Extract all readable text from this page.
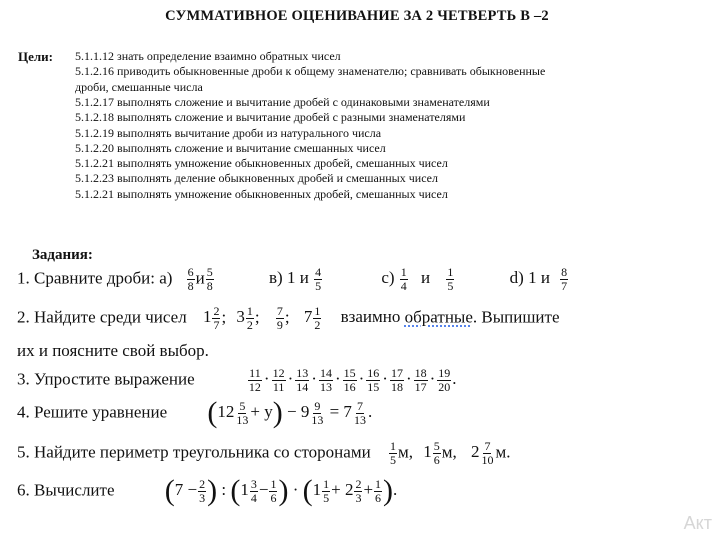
СУММАТИВНОЕ ОЦЕНИВАНИЕ ЗА 2 ЧЕТВЕРТЬ В –2
Цели: 5.1.1.12 знать определение взаимно обратных чисел
5.1.2.16 приводить обыкновенные дроби к общему знаменателю; сравнивать обыкновенные
дроби, смешанные числа
5.1.2.17 выполнять сложение и вычитание дробей с одинаковыми знаменателями
5.1.2.18 выполнять сложение и вычитание дробей с разными знаменателями
5.1.2.19 выполнять вычитание дроби из натурального числа
5.1.2.20 выполнять сложение и вычитание смешанных чисел
5.1.2.21 выполнять умножение обыкновенных дробей, смешанных чисел
5.1.2.23 выполнять деление обыкновенных дробей и смешанных чисел
5.1.2.21 выполнять умножение обыкновенных дробей, смешанных чисел
Задания:
1. Сравните дроби: $а) \frac{6}{8}$ и $\frac{5}{8}$	в) 1 и $\frac{4}{5}$	$с) \frac{1}{4}$ и $\frac{1}{5}$	d) 1 и $\frac{8}{7}$
2. Найдите среди чисел $1 \frac{2}{7}$ ; $3 \frac{1}{2}$ ; $\frac{7}{9}$ ; $7 \frac{1}{2}$ взаимно обратные. Выпишите
их и поясните свой выбор.
3. Упростите выражение	$\frac{11}{12} \cdot \frac{12}{11} \cdot \frac{13}{14} \cdot \frac{14}{13} \cdot \frac{15}{16} \cdot \frac{16}{15} \cdot \frac{17}{18} \cdot \frac{18}{17} \cdot \frac{19}{20}$ .
4. Решите уравнение $(12 \frac{5}{13} + y) - 9 \frac{9}{13} = 7 \frac{7}{13}$ .
5. Найдите периметр треугольника со сторонами $\frac{1}{5} м$, $1 \frac{5}{6} м$, $2 \frac{7}{10} м$.
6. Вычислите ($7 - \frac{2}{3}$ ) : ($1 \frac{3}{4} - \frac{1}{6}$ ) · ($1 \frac{1}{5} + 2 \frac{2}{3} + \frac{1}{6}$ ).
Акт
